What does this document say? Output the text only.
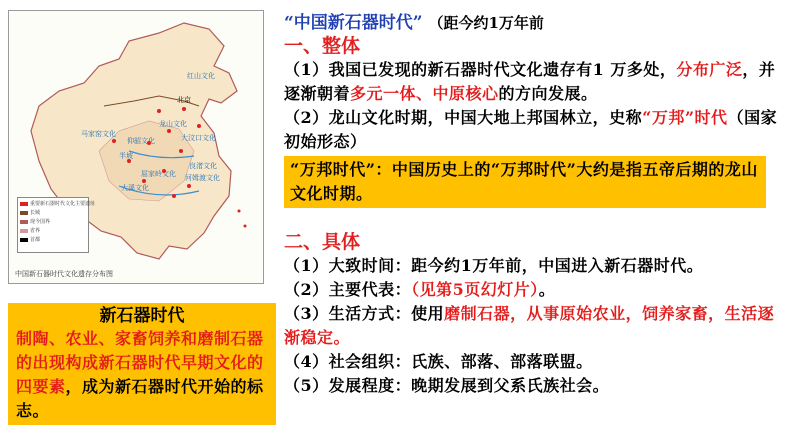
北京
大汶口文化
龙山文化
仰韶文化
半坡
马家窑文化
河姆渡文化
良渚文化
屈家岭文化
红山文化
大溪文化
重要新石器时代文化主要遗址
长城
现今国界
省界
首都
中国新石器时代文化遗存分布图
“中国新石器时代” （距今约1万年前
一、整体
（1）我国已发现的新石器时代文化遗存有1 万多处，分布广泛，并逐渐朝着多元一体、中原核心的方向发展。
（2）龙山文化时期，中国大地上邦国林立，史称“万邦”时代（国家初始形态）
“万邦时代”：中国历史上的“万邦时代”大约是指五帝后期的龙山文化时期。
二、具体
（1）大致时间：距今约1万年前，中国进入新石器时代。
（2）主要代表：（见第5页幻灯片）。
（3）生活方式：使用磨制石器，从事原始农业，饲养家畜，生活逐渐稳定。
（4）社会组织：氏族、部落、部落联盟。
（5）发展程度：晚期发展到父系氏族社会。
新石器时代
制陶、农业、家畜饲养和磨制石器的出现构成新石器时代早期文化的四要素，成为新石器时代开始的标志。
